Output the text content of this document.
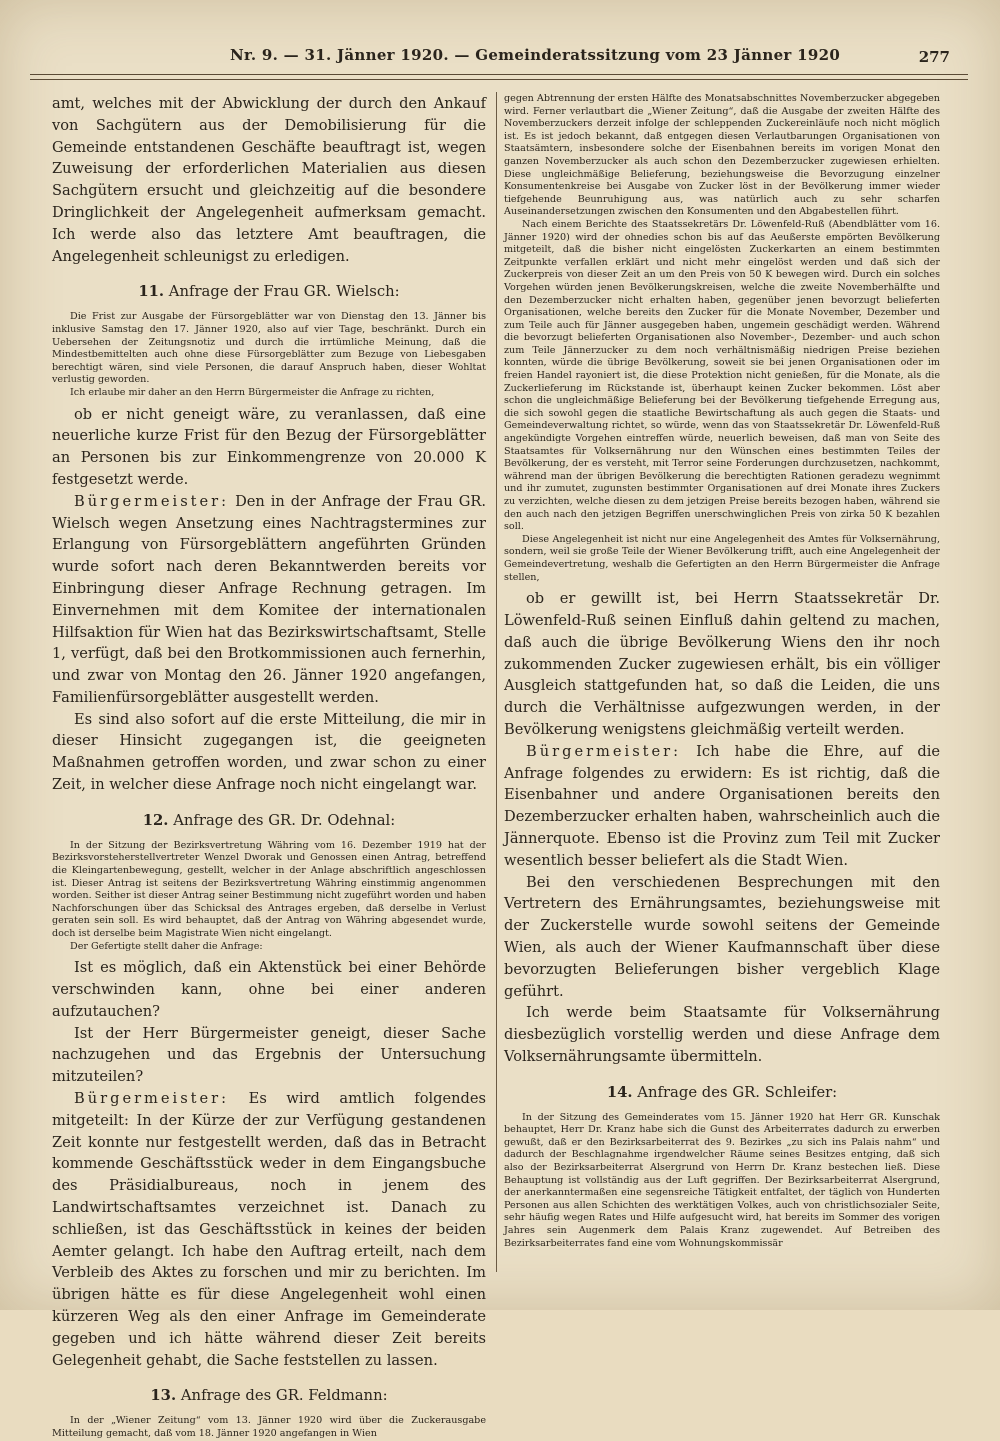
Nr. 9. — 31. Jänner 1920. — Gemeinderatssitzung vom 23 Jänner 1920	277

amt, welches mit der Abwicklung der durch den Ankauf von Sachgütern aus der Demobilisierung für die Gemeinde entstandenen Geschäfte beauftragt ist, wegen Zuweisung der erforderlichen Materialien aus diesen Sachgütern ersucht und gleichzeitig auf die besondere Dringlichkeit der Angelegenheit aufmerksam gemacht. Ich werde also das letztere Amt beauftragen, die Angelegenheit schleunigst zu erledigen.

11. Anfrage der Frau GR. Wielsch:

Die Frist zur Ausgabe der Fürsorgeblätter war von Dienstag den 13. Jänner bis inklusive Samstag den 17. Jänner 1920, also auf vier Tage, beschränkt. Durch ein Uebersehen der Zeitungsnotiz und durch die irrtümliche Meinung, daß die Mindestbemittelten auch ohne diese Fürsorgeblätter zum Bezuge von Liebesgaben berechtigt wären, sind viele Personen, die darauf Anspruch haben, dieser Wohltat verlustig geworden.

Ich erlaube mir daher an den Herrn Bürgermeister die Anfrage zu richten,

ob er nicht geneigt wäre, zu veranlassen, daß eine neuerliche kurze Frist für den Bezug der Fürsorgeblätter an Personen bis zur Einkommengrenze von 20.000 K festgesetzt werde.

Bürgermeister: Den in der Anfrage der Frau GR. Wielsch wegen Ansetzung eines Nachtragstermines zur Erlangung von Fürsorgeblättern angeführten Gründen wurde sofort nach deren Bekanntwerden bereits vor Einbringung dieser Anfrage Rechnung getragen. Im Einvernehmen mit dem Komitee der internationalen Hilfsaktion für Wien hat das Bezirkswirtschaftsamt, Stelle 1, verfügt, daß bei den Brotkommissionen auch fernerhin, und zwar von Montag den 26. Jänner 1920 angefangen, Familienfürsorgeblätter ausgestellt werden.

Es sind also sofort auf die erste Mitteilung, die mir in dieser Hinsicht zugegangen ist, die geeigneten Maßnahmen getroffen worden, und zwar schon zu einer Zeit, in welcher diese Anfrage noch nicht eingelangt war.

12. Anfrage des GR. Dr. Odehnal:

In der Sitzung der Bezirksvertretung Währing vom 16. Dezember 1919 hat der Bezirksvorsteherstellvertreter Wenzel Dworak und Genossen einen Antrag, betreffend die Kleingartenbewegung, gestellt, welcher in der Anlage abschriftlich angeschlossen ist. Dieser Antrag ist seitens der Bezirksvertretung Währing einstimmig angenommen worden. Seither ist dieser Antrag seiner Bestimmung nicht zugeführt worden und haben Nachforschungen über das Schicksal des Antrages ergeben, daß derselbe in Verlust geraten sein soll. Es wird behauptet, daß der Antrag von Währing abgesendet wurde, doch ist derselbe beim Magistrate Wien nicht eingelangt.

Der Gefertigte stellt daher die Anfrage:

Ist es möglich, daß ein Aktenstück bei einer Behörde verschwinden kann, ohne bei einer anderen aufzutauchen?

Ist der Herr Bürgermeister geneigt, dieser Sache nachzugehen und das Ergebnis der Untersuchung mitzuteilen?

Bürgermeister: Es wird amtlich folgendes mitgeteilt: In der Kürze der zur Verfügung gestandenen Zeit konnte nur festgestellt werden, daß das in Betracht kommende Geschäftsstück weder in dem Eingangsbuche des Präsidialbureaus, noch in jenem des Landwirtschaftsamtes verzeichnet ist. Danach zu schließen, ist das Geschäftsstück in keines der beiden Aemter gelangt. Ich habe den Auftrag erteilt, nach dem Verbleib des Aktes zu forschen und mir zu berichten. Im übrigen hätte es für diese Angelegenheit wohl einen kürzeren Weg als den einer Anfrage im Gemeinderate gegeben und ich hätte während dieser Zeit bereits Gelegenheit gehabt, die Sache feststellen zu lassen.

13. Anfrage des GR. Feldmann:

In der „Wiener Zeitung“ vom 13. Jänner 1920 wird über die Zuckerausgabe Mitteilung gemacht, daß vom 18. Jänner 1920 angefangen in Wien

gegen Abtrennung der ersten Hälfte des Monatsabschnittes Novemberzucker abgegeben wird. Ferner verlautbart die „Wiener Zeitung“, daß die Ausgabe der zweiten Hälfte des Novemberzuckers derzeit infolge der schleppenden Zuckereinläufe noch nicht möglich ist. Es ist jedoch bekannt, daß entgegen diesen Verlautbarungen Organisationen von Staatsämtern, insbesondere solche der Eisenbahnen bereits im vorigen Monat den ganzen Novemberzucker als auch schon den Dezemberzucker zugewiesen erhielten. Diese ungleichmäßige Belieferung, beziehungsweise die Bevorzugung einzelner Konsumentenkreise bei Ausgabe von Zucker löst in der Bevölkerung immer wieder tiefgehende Beunruhigung aus, was natürlich auch zu sehr scharfen Auseinandersetzungen zwischen den Konsumenten und den Abgabestellen führt.

Nach einem Berichte des Staatssekretärs Dr. Löwenfeld-Ruß (Abendblätter vom 16. Jänner 1920) wird der ohnedies schon bis auf das Aeußerste empörten Bevölkerung mitgeteilt, daß die bisher nicht eingelösten Zuckerkarten an einem bestimmten Zeitpunkte verfallen erklärt und nicht mehr eingelöst werden und daß sich der Zuckerpreis von dieser Zeit an um den Preis von 50 K bewegen wird. Durch ein solches Vorgehen würden jenen Bevölkerungskreisen, welche die zweite Novemberhälfte und den Dezemberzucker nicht erhalten haben, gegenüber jenen bevorzugt belieferten Organisationen, welche bereits den Zucker für die Monate November, Dezember und zum Teile auch für Jänner ausgegeben haben, ungemein geschädigt werden. Während die bevorzugt belieferten Organisationen also November-, Dezember- und auch schon zum Teile Jännerzucker zu dem noch verhältnismäßig niedrigen Preise beziehen konnten, würde die übrige Bevölkerung, soweit sie bei jenen Organisationen oder im freien Handel rayoniert ist, die diese Protektion nicht genießen, für die Monate, als die Zuckerlieferung im Rückstande ist, überhaupt keinen Zucker bekommen. Löst aber schon die ungleichmäßige Belieferung bei der Bevölkerung tiefgehende Erregung aus, die sich sowohl gegen die staatliche Bewirtschaftung als auch gegen die Staats- und Gemeindeverwaltung richtet, so würde, wenn das von Staatssekretär Dr. Löwenfeld-Ruß angekündigte Vorgehen eintreffen würde, neuerlich beweisen, daß man von Seite des Staatsamtes für Volksernährung nur den Wünschen eines bestimmten Teiles der Bevölkerung, der es versteht, mit Terror seine Forderungen durchzusetzen, nachkommt, während man der übrigen Bevölkerung die berechtigten Rationen geradezu wegnimmt und ihr zumutet, zugunsten bestimmter Organisationen auf drei Monate ihres Zuckers zu verzichten, welche diesen zu dem jetzigen Preise bereits bezogen haben, während sie den auch nach den jetzigen Begriffen unerschwinglichen Preis von zirka 50 K bezahlen soll.

Diese Angelegenheit ist nicht nur eine Angelegenheit des Amtes für Volksernährung, sondern, weil sie große Teile der Wiener Bevölkerung trifft, auch eine Angelegenheit der Gemeindevertretung, weshalb die Gefertigten an den Herrn Bürgermeister die Anfrage stellen,

ob er gewillt ist, bei Herrn Staatssekretär Dr. Löwenfeld-Ruß seinen Einfluß dahin geltend zu machen, daß auch die übrige Bevölkerung Wiens den ihr noch zukommenden Zucker zugewiesen erhält, bis ein völliger Ausgleich stattgefunden hat, so daß die Leiden, die uns durch die Verhältnisse aufgezwungen werden, in der Bevölkerung wenigstens gleichmäßig verteilt werden.

Bürgermeister: Ich habe die Ehre, auf die Anfrage folgendes zu erwidern: Es ist richtig, daß die Eisenbahner und andere Organisationen bereits den Dezemberzucker erhalten haben, wahrscheinlich auch die Jännerquote. Ebenso ist die Provinz zum Teil mit Zucker wesentlich besser beliefert als die Stadt Wien.

Bei den verschiedenen Besprechungen mit den Vertretern des Ernährungsamtes, beziehungsweise mit der Zuckerstelle wurde sowohl seitens der Gemeinde Wien, als auch der Wiener Kaufmannschaft über diese bevorzugten Belieferungen bisher vergeblich Klage geführt.

Ich werde beim Staatsamte für Volksernährung diesbezüglich vorstellig werden und diese Anfrage dem Volksernährungsamte übermitteln.

14. Anfrage des GR. Schleifer:

In der Sitzung des Gemeinderates vom 15. Jänner 1920 hat Herr GR. Kunschak behauptet, Herr Dr. Kranz habe sich die Gunst des Arbeiterrates dadurch zu erwerben gewußt, daß er den Bezirksarbeiterrat des 9. Bezirkes „zu sich ins Palais nahm“ und dadurch der Beschlagnahme irgendwelcher Räume seines Besitzes entging, daß sich also der Bezirksarbeiterrat Alsergrund von Herrn Dr. Kranz bestechen ließ. Diese Behauptung ist vollständig aus der Luft gegriffen. Der Bezirksarbeiterrat Alsergrund, der anerkanntermaßen eine segensreiche Tätigkeit entfaltet, der täglich von Hunderten Personen aus allen Schichten des werktätigen Volkes, auch von christlichsozialer Seite, sehr häufig wegen Rates und Hilfe aufgesucht wird, hat bereits im Sommer des vorigen Jahres sein Augenmerk dem Palais Kranz zugewendet. Auf Betreiben des Bezirksarbeiterrates fand eine vom Wohnungskommissär
